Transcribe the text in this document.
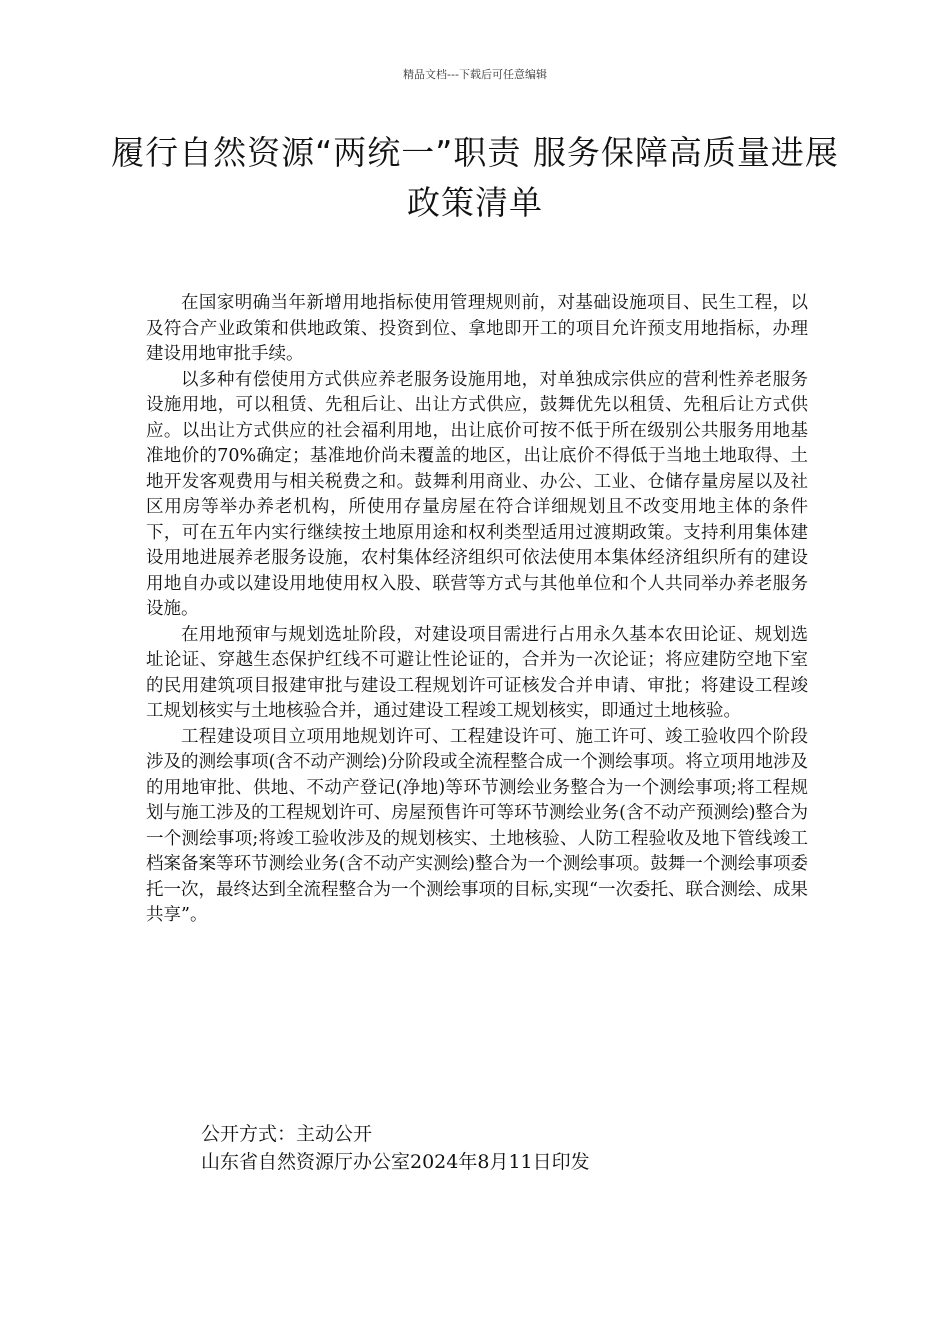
精品文档---下载后可任意编辑
履行自然资源“两统一”职责 服务保障高质量进展政策清单

在国家明确当年新增用地指标使用管理规则前，对基础设施项目、民生工程，以及符合产业政策和供地政策、投资到位、拿地即开工的项目允许预支用地指标，办理建设用地审批手续。

以多种有偿使用方式供应养老服务设施用地，对单独成宗供应的营利性养老服务设施用地，可以租赁、先租后让、出让方式供应，鼓舞优先以租赁、先租后让方式供应。以出让方式供应的社会福利用地，出让底价可按不低于所在级别公共服务用地基准地价的70%确定；基准地价尚未覆盖的地区，出让底价不得低于当地土地取得、土地开发客观费用与相关税费之和。鼓舞利用商业、办公、工业、仓储存量房屋以及社区用房等举办养老机构，所使用存量房屋在符合详细规划且不改变用地主体的条件下，可在五年内实行继续按土地原用途和权利类型适用过渡期政策。支持利用集体建设用地进展养老服务设施，农村集体经济组织可依法使用本集体经济组织所有的建设用地自办或以建设用地使用权入股、联营等方式与其他单位和个人共同举办养老服务设施。

在用地预审与规划选址阶段，对建设项目需进行占用永久基本农田论证、规划选址论证、穿越生态保护红线不可避让性论证的，合并为一次论证；将应建防空地下室的民用建筑项目报建审批与建设工程规划许可证核发合并申请、审批；将建设工程竣工规划核实与土地核验合并，通过建设工程竣工规划核实，即通过土地核验。

工程建设项目立项用地规划许可、工程建设许可、施工许可、竣工验收四个阶段涉及的测绘事项(含不动产测绘)分阶段或全流程整合成一个测绘事项。将立项用地涉及的用地审批、供地、不动产登记(净地)等环节测绘业务整合为一个测绘事项;将工程规划与施工涉及的工程规划许可、房屋预售许可等环节测绘业务(含不动产预测绘)整合为一个测绘事项;将竣工验收涉及的规划核实、土地核验、人防工程验收及地下管线竣工档案备案等环节测绘业务(含不动产实测绘)整合为一个测绘事项。鼓舞一个测绘事项委托一次，最终达到全流程整合为一个测绘事项的目标,实现“一次委托、联合测绘、成果共享”。

公开方式：主动公开
山东省自然资源厅办公室2024年8月11日印发
